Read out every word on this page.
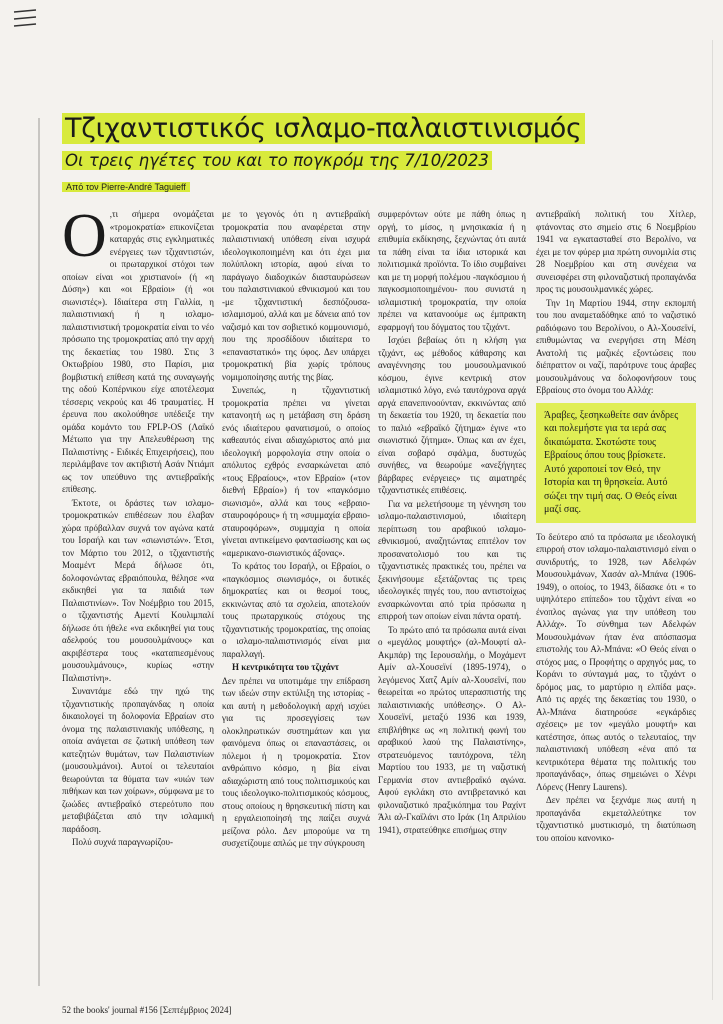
Τζιχαντιστικός ισλαμο-παλαιστινισμός
Οι τρεις ηγέτες του και το πογκρόμ της 7/10/2023
Από τον Pierre-André Taguieff

Ο ,τι σήμερα ονομάζεται «τρομοκρατία» επικονίζεται καταρχάς στις εγκληματικές ενέργειες των τζιχαντιστών, οι πρωταρχικοί στόχοι των οποίων είναι «οι χριστιανοί» (ή «η Δύση») και «οι Εβραίοι» (ή «οι σιωνιστές»). Ιδιαίτερα στη Γαλλία, η παλαιστινιακή ή η ισλαμο-παλαιστινιστική τρομοκρατία είναι το νέο πρόσωπο της τρομοκρατίας από την αρχή της δεκαετίας του 1980. Στις 3 Οκτωβρίου 1980, στο Παρίσι, μια βομβιστική επίθεση κατά της συναγωγής της οδού Κοπέρνικου είχε αποτέλεσμα τέσσερις νεκρούς και 46 τραυματίες. Η έρευνα που ακολούθησε υπέδειξε την ομάδα κομάντο του FPLP-OS (Λαϊκό Μέτωπο για την Απελευθέρωση της Παλαιστίνης - Ειδικές Επιχειρήσεις), που περιλάμβανε τον ακτιβιστή Ασάν Ντιάμπ ως τον υπεύθυνο της αντιεβραϊκής επίθεσης.

Έκτοτε, οι δράστες των ισλαμο-τρομοκρατικών επιθέσεων που έλαβαν χώρα πρόβαλλαν συχνά τον αγώνα κατά του Ισραήλ και των «σιωνιστών». Έτσι, τον Μάρτιο του 2012, ο τζιχαντιστής Μοαμέντ Μερά δήλωσε ότι, δολοφονώντας εβραιόπουλα, θέλησε «να εκδικηθεί για τα παιδιά των Παλαιστινίων». Τον Νοέμβριο του 2015, ο τζιχαντιστής Αμεντί Κουλιμπαλί δήλωσε ότι ήθελε «να εκδικηθεί για τους αδελφούς του μουσουλμάνους» και ακριβέστερα τους «καταπιεσμένους μουσουλμάνους», κυρίως «στην Παλαιστίνη».

Συναντάμε εδώ την ηχώ της τζιχαντιστικής προπαγάνδας η οποία δικαιολογεί τη δολοφονία Εβραίων στο όνομα της παλαιστινιακής υπόθεσης, η οποία ανάγεται σε ζωτική υπόθεση των κατεζητών θυμάτων, των Παλαιστινίων (μουσουλμάνοι). Αυτοί οι τελευταίοι θεωρούνται τα θύματα των «υιών των πιθήκων και των χοίρων», σύμφωνα με το ζωώδες αντιεβραϊκό στερεότυπο που μεταβιβάζεται από την ισλαμική παράδοση.

Πολύ συχνά παραγνωρίζου-

με το γεγονός ότι η αντιεβραϊκή τρομοκρατία που αναφέρεται στην παλαιστινιακή υπόθεση είναι ισχυρά ιδεολογικοποιημένη και ότι έχει μια πολύπλοκη ιστορία, αφού είναι το παράγωγο διαδοχικών διασταυρώσεων του παλαιστινιακού εθνικισμού και του -με τζιχαντιστική δεσπόζουσα- ισλαμισμού, αλλά και με δάνεια από τον ναζισμό και τον σοβιετικό κομμουνισμό, που της προσδίδουν ιδιαίτερα το «επαναστατικό» της ύφος. Δεν υπάρχει τρομοκρατική βία χωρίς τρόπους νομιμοποίησης αυτής της βίας.

Συνεπώς, η τζιχαντιστική τρομοκρατία πρέπει να γίνεται κατανοητή ως η μετάβαση στη δράση ενός ιδιαίτερου φανατισμού, ο οποίος καθεαυτός είναι αδιαχώριστος από μια ιδεολογική μορφολογία στην οποία ο απόλυτος εχθρός ενσαρκώνεται από «τους Εβραίους», «τον Εβραίο» («τον διεθνή Εβραίο») ή τον «παγκόσμιο σιωνισμό», αλλά και τους «εβραιο-σταυροφόρους» ή τη «συμμαχία εβραιο-σταυροφόρων», συμμαχία η οποία γίνεται αντικείμενο φαντασίωσης και ως «αμερικανο-σιωνιστικός άξονας».

Το κράτος του Ισραήλ, οι Εβραίοι, ο «παγκόσμιος σιωνισμός», οι δυτικές δημοκρατίες και οι θεσμοί τους, εκκινώντας από τα σχολεία, αποτελούν τους πρωταρχικούς στόχους της τζιχαντιστικής τρομοκρατίας, της οποίας ο ισλαμο-παλαιστινισμός είναι μια παραλλαγή.

Η κεντρικότητα του τζιχάντ

Δεν πρέπει να υποτιμάμε την επίδραση των ιδεών στην εκτύλιξη της ιστορίας - και αυτή η μεθοδολογική αρχή ισχύει για τις προσεγγίσεις των ολοκληρωτικών συστημάτων και για φαινόμενα όπως οι επαναστάσεις, οι πόλεμοι ή η τρομοκρατία. Στον ανθρώπινο κόσμο, η βία είναι αδιαχώριστη από τους πολιτισμικούς και τους ιδεολογικο-πολιτισμικούς κόσμους, στους οποίους η θρησκευτική πίστη και η εργαλειοποίησή της παίζει συχνά μείζονα ρόλο. Δεν μπορούμε να τη συσχετίζουμε απλώς με την σύγκρουση

συμφερόντων ούτε με πάθη όπως η οργή, το μίσος, η μνησικακία ή η επιθυμία εκδίκησης, ξεχνώντας ότι αυτά τα πάθη είναι τα ίδια ιστορικά και πολιτισμικά προϊόντα. Το ίδιο συμβαίνει και με τη μορφή πολέμου -παγκόσμιου ή παγκοσμιοποιημένου- που συνιστά η ισλαμιστική τρομοκρατία, την οποία πρέπει να κατανοούμε ως έμπρακτη εφαρμογή του δόγματος του τζιχάντ.

Ισχύει βεβαίως ότι η κλήση για τζιχάντ, ως μέθοδος κάθαρσης και αναγέννησης του μουσουλμανικού κόσμου, έγινε κεντρική στον ισλαμιστικό λόγο, ενώ ταυτόχρονα αργά αργά επανεπινοούνταν, εκκινώντας από τη δεκαετία του 1920, τη δεκαετία που το παλιό «εβραϊκό ζήτημα» έγινε «το σιωνιστικό ζήτημα». Όπως και αν έχει, είναι σοβαρό σφάλμα, δυστυχώς συνήθες, να θεωρούμε «ανεξήγητες βάρβαρες ενέργειες» τις αιματηρές τζιχαντιστικές επιθέσεις.

Για να μελετήσουμε τη γέννηση του ισλαμο-παλαιστινισμού, ιδιαίτερη περίπτωση του αραβικού ισλαμο-εθνικισμού, αναζητώντας επιτέλον τον προσανατολισμό του και τις τζιχαντιστικές πρακτικές του, πρέπει να ξεκινήσουμε εξετάζοντας τις τρεις ιδεολογικές πηγές του, που αντιστοίχως ενσαρκώνονται από τρία πρόσωπα η επιρροή των οποίων είναι πάντα ορατή.

Το πρώτο από τα πρόσωπα αυτά είναι ο «μεγάλος μουφτής» (αλ-Μουφτί αλ-Ακμπάρ) της Ιερουσαλήμ, ο Μοχάμεντ Αμίν αλ-Χουσεϊνί (1895-1974), ο λεγόμενος Χατζ Αμίν αλ-Χουσεϊνί, που θεωρείται «ο πρώτος υπερασπιστής της παλαιστινιακής υπόθεσης». Ο Αλ-Χουσεϊνί, μεταξύ 1936 και 1939, επιβλήθηκε ως «η πολιτική φωνή του αραβικού λαού της Παλαιστίνης», στρατευόμενος ταυτόχρονα, τέλη Μαρτίου του 1933, με τη ναζιστική Γερμανία στον αντιεβραϊκό αγώνα. Αφού εγκλάκη στο αντιβρετανικό και φιλοναζιστικό πραξικόπημα του Ραχίντ Άλι αλ-Γκαϊλάνι στο Ιράκ (1η Απριλίου 1941), στρατεύθηκε επισήμως στην

αντιεβραϊκή πολιτική του Χίτλερ, φτάνοντας στο σημείο στις 6 Νοεμβρίου 1941 να εγκατασταθεί στο Βερολίνο, να έχει με τον φύρερ μια πρώτη συνομιλία στις 28 Νοεμβρίου και στη συνέχεια να συνεισφέρει στη φιλοναζιστική προπαγάνδα προς τις μουσουλμανικές χώρες.

Την 1η Μαρτίου 1944, στην εκπομπή του που αναμεταδόθηκε από το ναζιστικό ραδιόφωνο του Βερολίνου, ο Αλ-Χουσεϊνί, επιθυμώντας να ενεργήσει στη Μέση Ανατολή τις μαζικές εξοντώσεις που διέπραττον οι ναζί, παρότρυνε τους άραβες μουσουλμάνους να δολοφονήσουν τους Εβραίους στο όνομα του Αλλάχ:

Άραβες, ξεσηκωθείτε σαν άνδρες και πολεμήστε για τα ιερά σας δικαιώματα. Σκοτώστε τους Εβραίους όπου τους βρίσκετε. Αυτό χαροποιεί τον Θεό, την Ιστορία και τη θρησκεία. Αυτό σώζει την τιμή σας. Ο Θεός είναι μαζί σας.

Το δεύτερο από τα πρόσωπα με ιδεολογική επιρροή στον ισλαμο-παλαιστινισμό είναι ο συνιδρυτής, το 1928, των Αδελφών Μουσουλμάνων, Χασάν αλ-Μπάνα (1906-1949), ο οποίος, το 1943, δίδασκε ότι « το υψηλότερο επίπεδο» του τζιχάντ είναι «ο ένοπλος αγώνας για την υπόθεση του Αλλάχ». Το σύνθημα των Αδελφών Μουσουλμάνων ήταν ένα απόσπασμα επιστολής του Αλ-Μπάνα: «Ο Θεός είναι ο στόχος μας, ο Προφήτης ο αρχηγός μας, το Κοράνι το σύνταγμά μας, το τζιχάντ ο δρόμος μας, το μαρτύριο η ελπίδα μας». Από τις αρχές της δεκαετίας του 1930, ο Αλ-Μπάνα διατηρούσε «εγκάρδιες σχέσεις» με τον «μεγάλο μουφτή» και κατέστησε, όπως αυτός ο τελευταίος, την παλαιστινιακή υπόθεση «ένα από τα κεντρικότερα θέματα της πολιτικής του προπαγάνδας», όπως σημειώνει ο Χένρι Λόρενς (Henry Laurens).

Δεν πρέπει να ξεχνάμε πως αυτή η προπαγάνδα εκμεταλλεύτηκε τον τζιχαντιστικό μυστικισμό, τη διατύπωση του οποίου κανονικο-

52 the books' journal #156 [Σεπτέμβριος 2024]
